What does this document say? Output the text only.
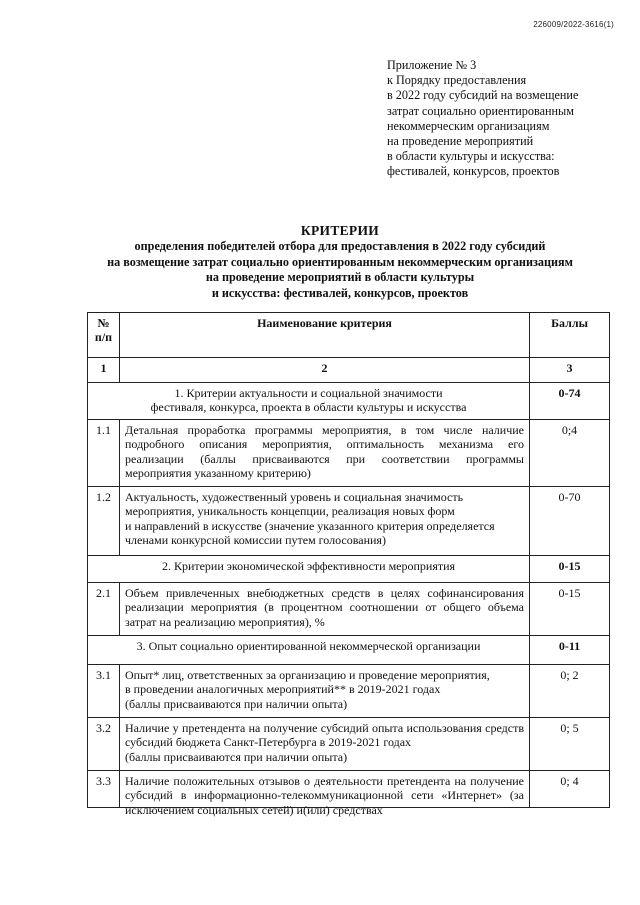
226009/2022-3616(1)
Приложение № 3
к Порядку предоставления
в 2022 году субсидий на возмещение
затрат социально ориентированным
некоммерческим организациям
на проведение мероприятий
в области культуры и искусства:
фестивалей, конкурсов, проектов
КРИТЕРИИ
определения победителей отбора для предоставления в 2022 году субсидий
на возмещение затрат социально ориентированным некоммерческим организациям
на проведение мероприятий в области культуры
и искусства: фестивалей, конкурсов, проектов
№ п/п	Наименование критерия	Баллы
1	2	3

1. Критерии актуальности и социальной значимости
фестиваля, конкурса, проекта в области культуры и искусства		0-74
1.1	Детальная проработка программы мероприятия, в том числе наличие подробного описания мероприятия, оптимальность механизма его реализации (баллы присваиваются при соответствии программы мероприятия указанному критерию)	0;4
1.2	Актуальность, художественный уровень и социальная значимость
мероприятия, уникальность концепции, реализация новых форм
и направлений в искусстве (значение указанного критерия определяется
членами конкурсной комиссии путем голосования)	0-70
2. Критерии экономической эффективности мероприятия		0-15
2.1	Объем привлеченных внебюджетных средств в целях софинансирования реализации мероприятия (в процентном соотношении от общего объема затрат на реализацию мероприятия), %	0-15
3. Опыт социально ориентированной некоммерческой организации		0-11
3.1	Опыт* лиц, ответственных за организацию и проведение мероприятия,
в проведении аналогичных мероприятий** в 2019-2021 годах
(баллы присваиваются при наличии опыта)	0; 2
3.2	Наличие у претендента на получение субсидий опыта использования средств субсидий бюджета Санкт-Петербурга в 2019-2021 годах
(баллы присваиваются при наличии опыта)	0; 5
3.3	Наличие положительных отзывов о деятельности претендента на получение субсидий в информационно-телекоммуникационной сети «Интернет» (за исключением социальных сетей) и(или) средствах	0; 4
